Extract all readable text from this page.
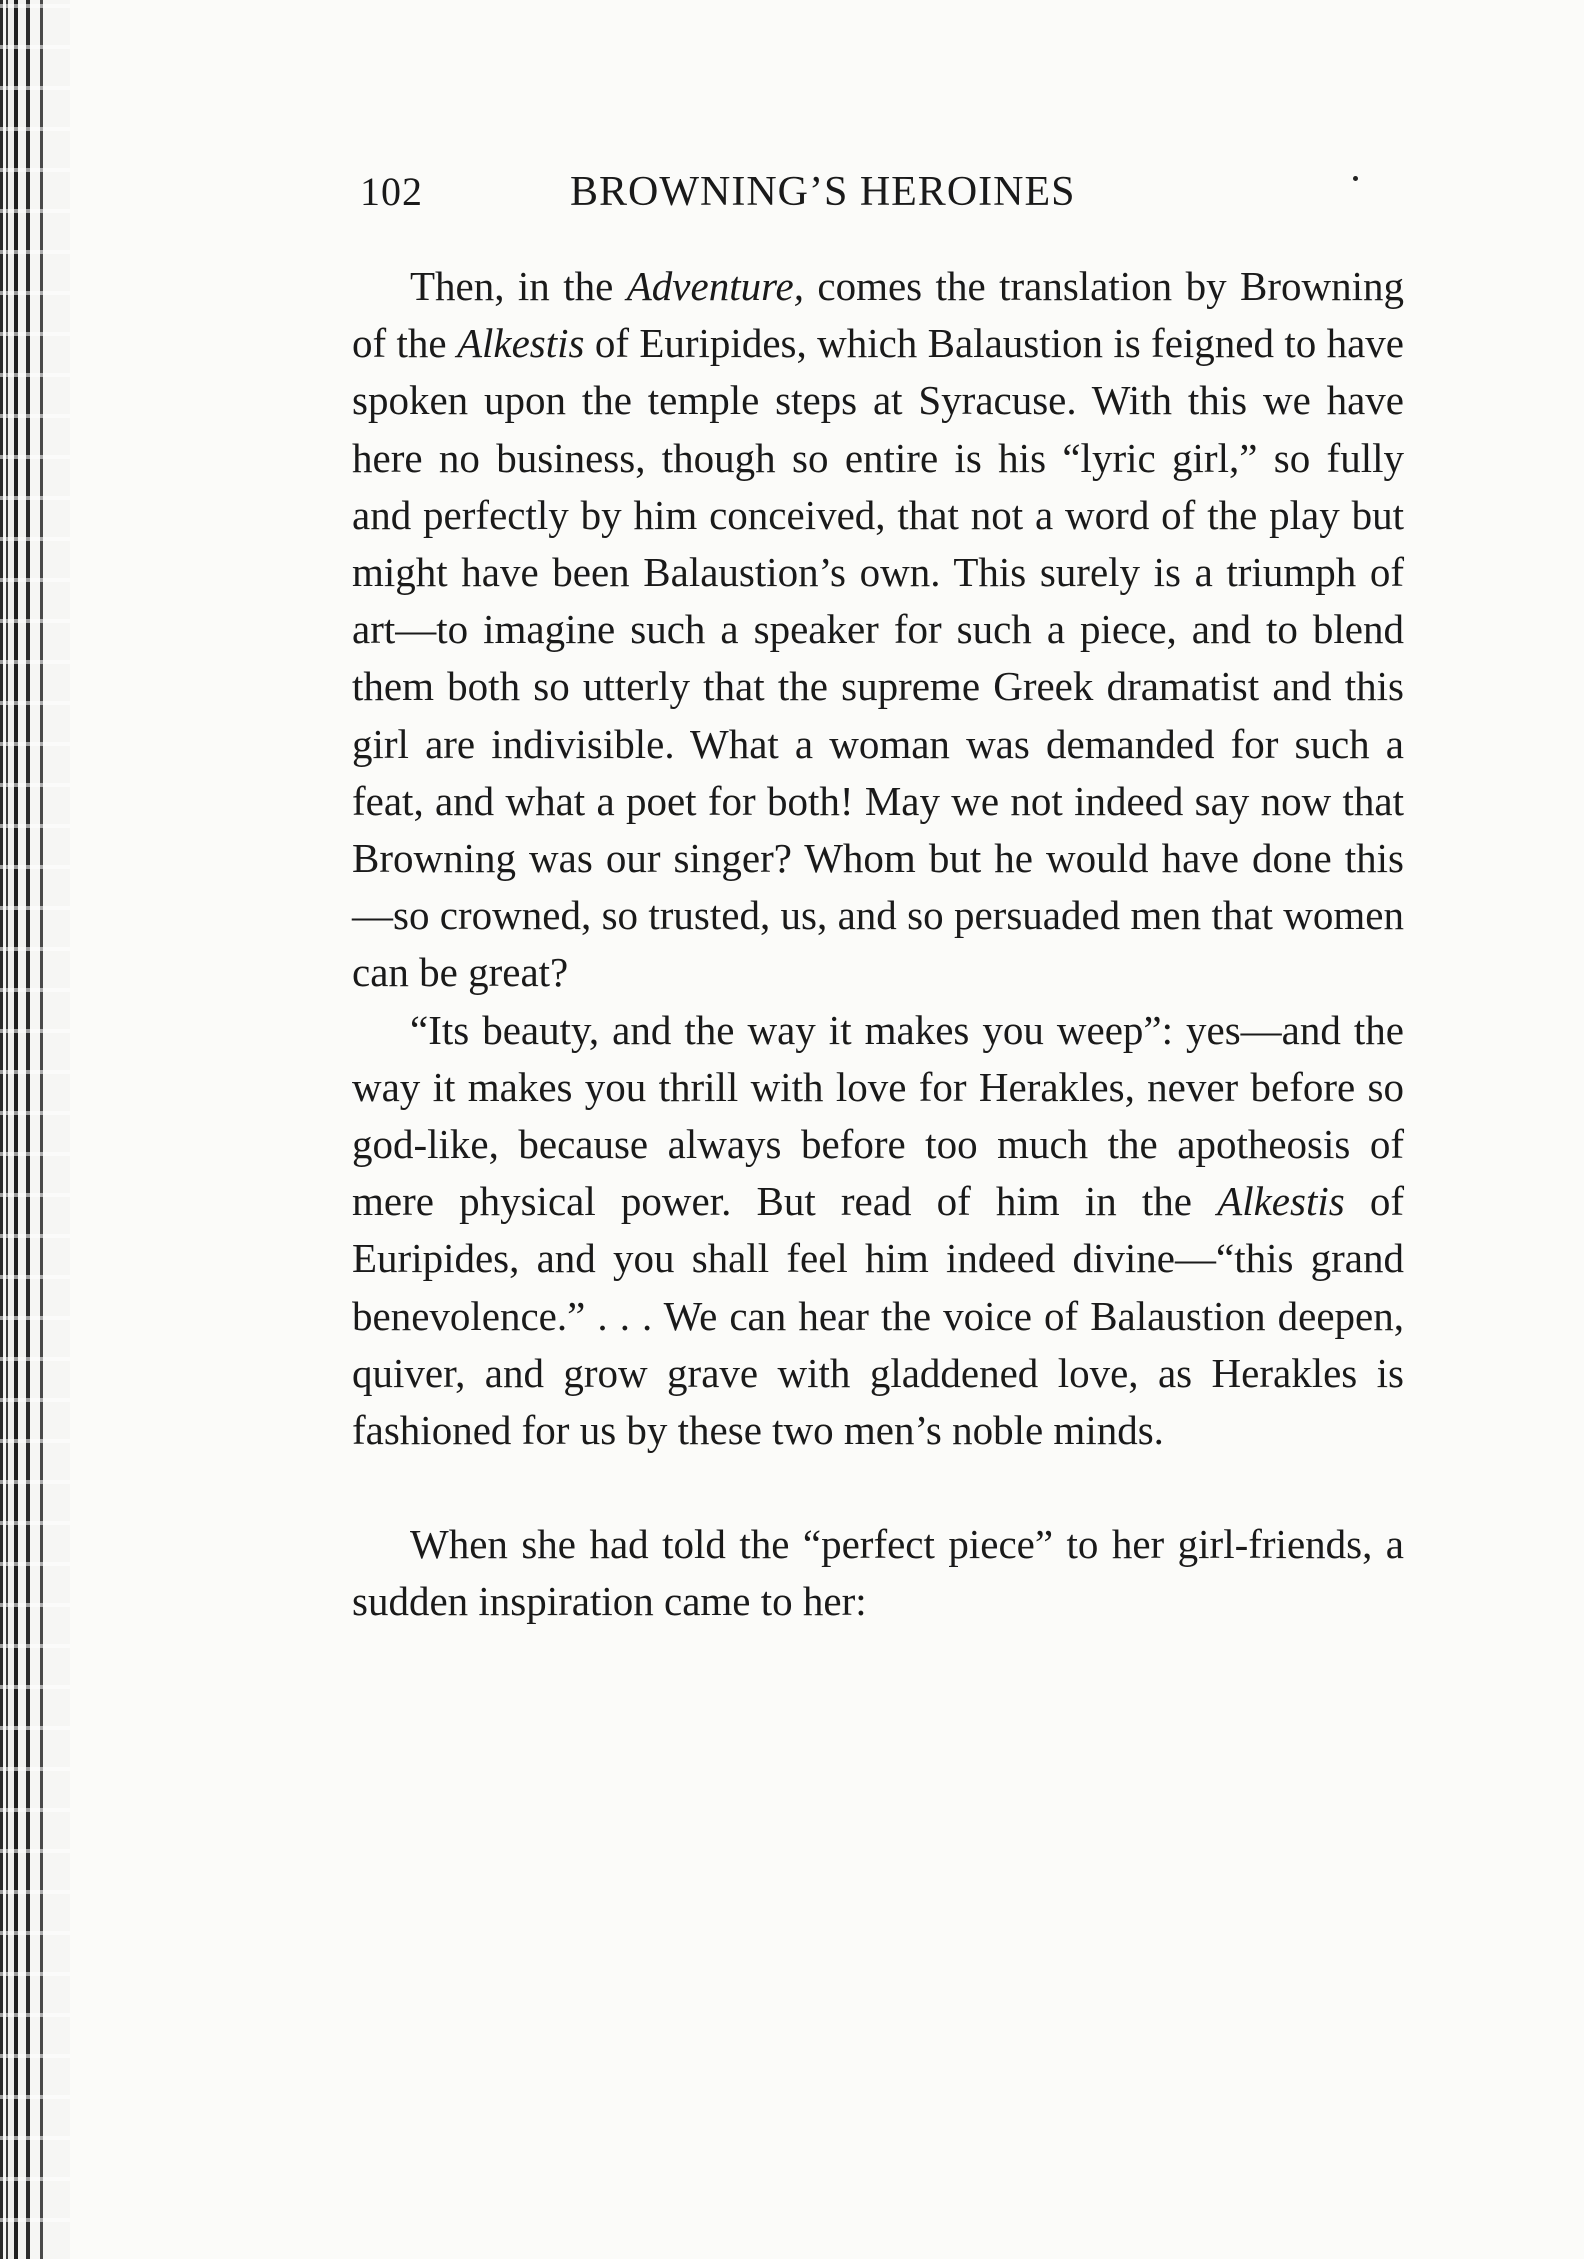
102	BROWNING’S HEROINES

Then, in the Adventure, comes the translation by Browning of the Alkestis of Euripides, which Balaustion is feigned to have spoken upon the temple steps at Syracuse. With this we have here no business, though so entire is his “lyric girl,” so fully and perfectly by him conceived, that not a word of the play but might have been Balaustion’s own. This surely is a triumph of art—to imagine such a speaker for such a piece, and to blend them both so utterly that the supreme Greek dramatist and this girl are indivisible. What a woman was demanded for such a feat, and what a poet for both! May we not indeed say now that Browning was our singer? Whom but he would have done this—so crowned, so trusted, us, and so persuaded men that women can be great?

“Its beauty, and the way it makes you weep”: yes—and the way it makes you thrill with love for Herakles, never before so god-like, because always before too much the apotheosis of mere physical power. But read of him in the Alkestis of Euripides, and you shall feel him indeed divine—“this grand benevolence.” . . . We can hear the voice of Balaustion deepen, quiver, and grow grave with gladdened love, as Herakles is fashioned for us by these two men’s noble minds.

When she had told the “perfect piece” to her girl-friends, a sudden inspiration came to her:
